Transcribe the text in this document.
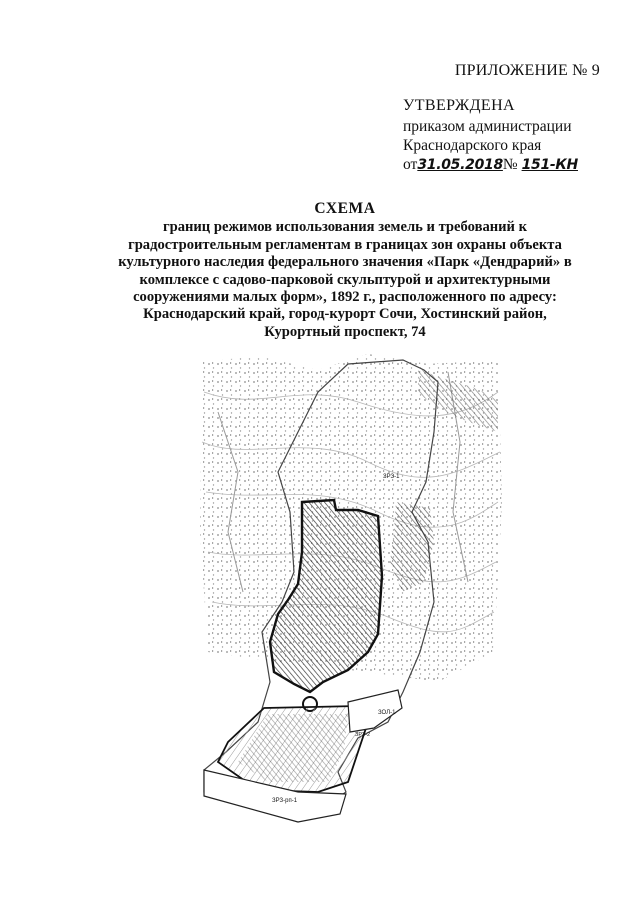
ПРИЛОЖЕНИЕ № 9
УТВЕРЖДЕНА
приказом администрации
Краснодарского края
от31.05.2018№ 151-КН
СХЕМА
границ режимов использования земель и требований к
градостроительным регламентам в границах зон охраны объекта
культурного наследия федерального значения «Парк «Дендрарий» в
комплексе с садово-парковой скульптурой и архитектурными
сооружениями малых форм», 1892 г., расположенного по адресу:
Краснодарский край, город-курорт Сочи, Хостинский район,
Курортный проспект, 74
ЗРЗ-1
ЗОЛ-1
ЗРЗ-2
ЗРЗ-рп-1
